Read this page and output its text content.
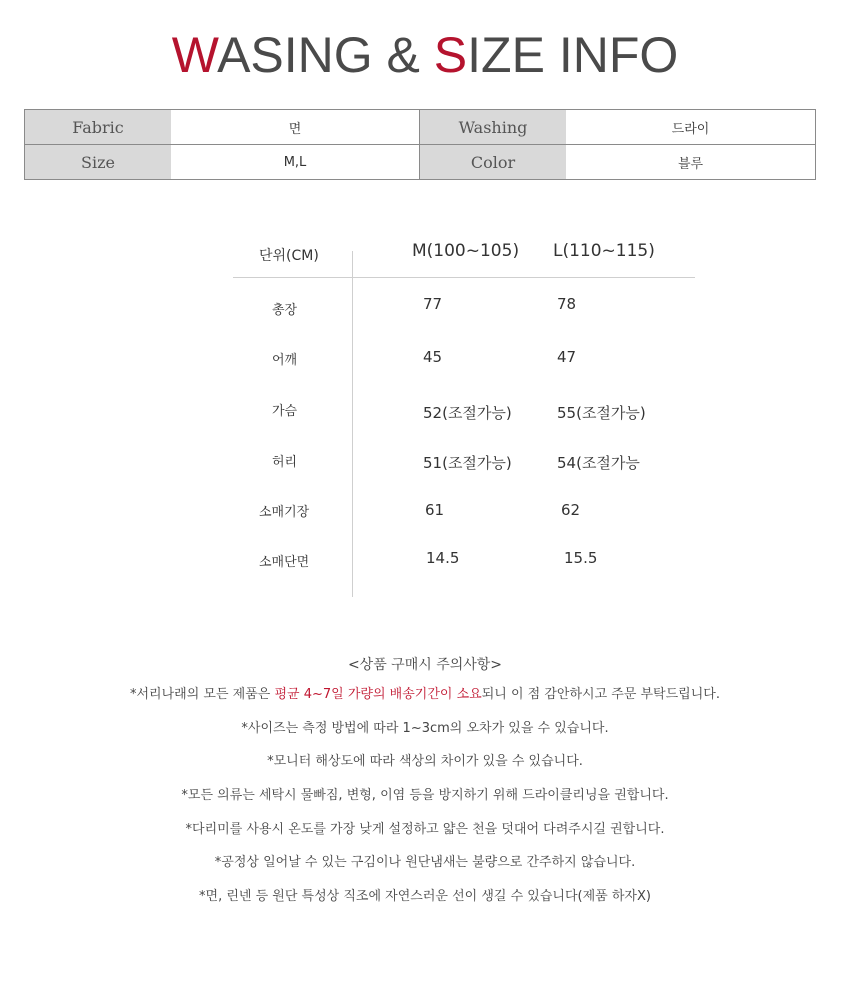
WASING & SIZE INFO
Fabric	면	Washing	드라이
Size	M,L	Color	블루
단위(CM)	M(100~105) L(110~115)
총장	77	78
어깨	45	47
가슴	52(조절가능)	55(조절가능)
허리	51(조절가능)	54(조절가능
소매기장	61	62
소매단면	14.5	15.5
<상품 구매시 주의사항>
*서리나래의 모든 제품은 평균 4~7일 가량의 배송기간이 소요되니 이 점 감안하시고 주문 부탁드립니다.
*사이즈는 측정 방법에 따라 1~3cm의 오차가 있을 수 있습니다.
*모니터 해상도에 따라 색상의 차이가 있을 수 있습니다.
*모든 의류는 세탁시 물빠짐, 변형, 이염 등을 방지하기 위해 드라이클리닝을 권합니다.
*다리미를 사용시 온도를 가장 낮게 설정하고 얇은 천을 덧대어 다려주시길 권합니다.
*공정상 일어날 수 있는 구김이나 원단냄새는 불량으로 간주하지 않습니다.
*면, 린넨 등 원단 특성상 직조에 자연스러운 선이 생길 수 있습니다(제품 하자X)
